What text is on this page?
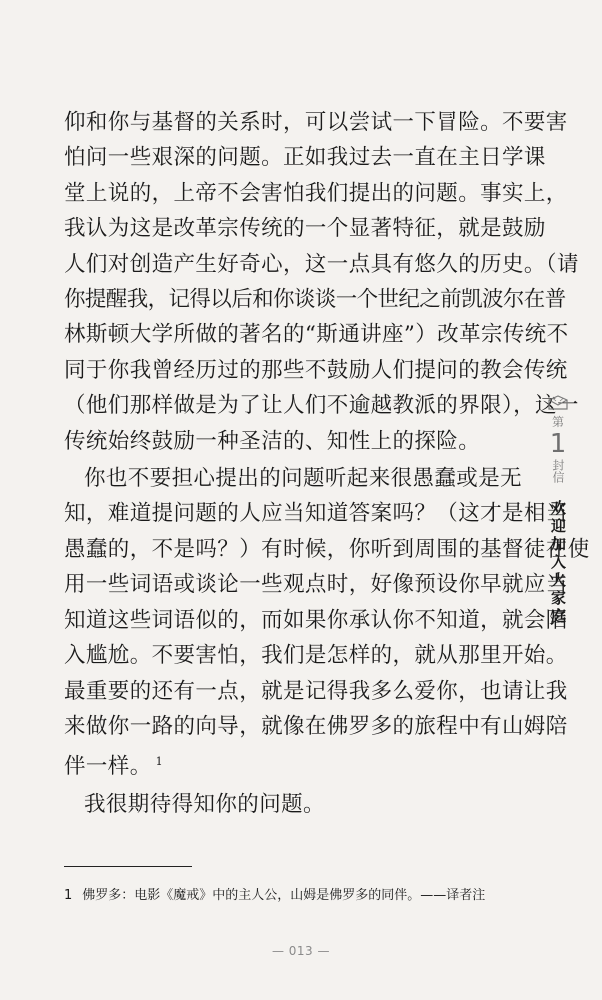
仰和你与基督的关系时，可以尝试一下冒险。不要害
怕问一些艰深的问题。正如我过去一直在主日学课
堂上说的，上帝不会害怕我们提出的问题。事实上，
我认为这是改革宗传统的一个显著特征，就是鼓励
人们对创造产生好奇心，这一点具有悠久的历史。（请
你提醒我，记得以后和你谈谈一个世纪之前凯波尔在普
林斯顿大学所做的著名的“斯通讲座”）改革宗传统不
同于你我曾经历过的那些不鼓励人们提问的教会传统
（他们那样做是为了让人们不逾越教派的界限），这一
传统始终鼓励一种圣洁的、知性上的探险。
你也不要担心提出的问题听起来很愚蠢或是无
知，难道提问题的人应当知道答案吗？（这才是相当
愚蠢的，不是吗？）有时候，你听到周围的基督徒在使
用一些词语或谈论一些观点时，好像预设你早就应当
知道这些词语似的，而如果你承认你不知道，就会陷
入尴尬。不要害怕，我们是怎样的，就从那里开始。
最重要的还有一点，就是记得我多么爱你，也请让我
来做你一路的向导，就像在佛罗多的旅程中有山姆陪
伴一样。 $^1$
我很期待得知你的问题。
1 佛罗多：电影《魔戒》中的主人公，山姆是佛罗多的同伴。——译者注
第
1
封信
欢迎加入大家庭
— 013 —
